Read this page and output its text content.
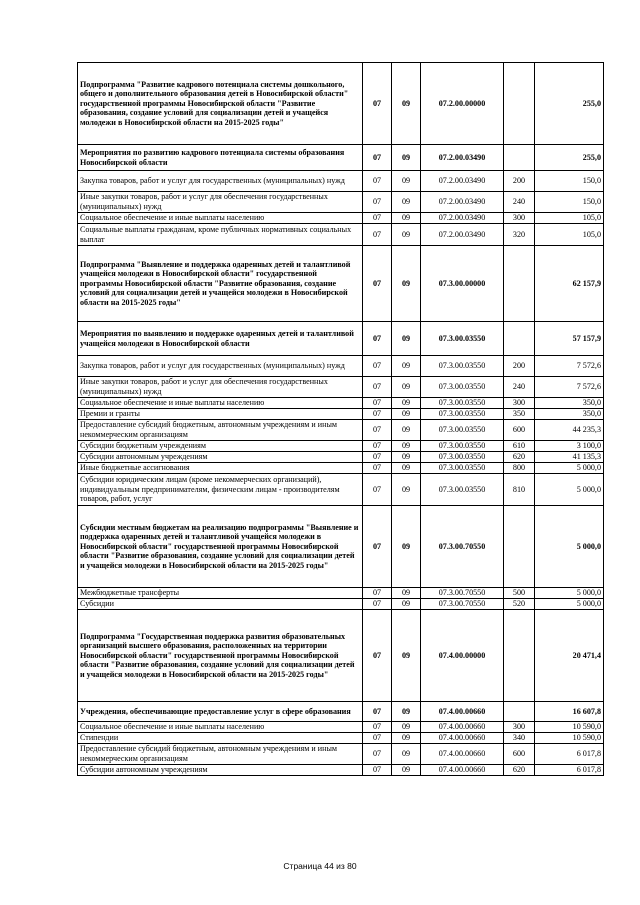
Подпрограмма "Развитие кадрового потенциала системы дошкольного, общего и дополнительного образования детей в Новосибирской области" государственной программы Новосибирской области "Развитие образования, создание условий для социализации детей и учащейся молодежи в Новосибирской области на 2015-2025 годы"	07	09	07.2.00.00000		255,0
Мероприятия по развитию кадрового потенциала системы образования Новосибирской области	07	09	07.2.00.03490		255,0
Закупка товаров, работ и услуг для государственных (муниципальных) нужд	07	09	07.2.00.03490	200	150,0
Иные закупки товаров, работ и услуг для обеспечения государственных (муниципальных) нужд	07	09	07.2.00.03490	240	150,0
Социальное обеспечение и иные выплаты населению	07	09	07.2.00.03490	300	105,0
Социальные выплаты гражданам, кроме публичных нормативных социальных выплат	07	09	07.2.00.03490	320	105,0
Подпрограмма "Выявление и поддержка одаренных детей и талантливой учащейся молодежи в Новосибирской области" государственной программы Новосибирской области "Развитие образования, создание условий для социализации детей и учащейся молодежи в Новосибирской области на 2015-2025 годы"	07	09	07.3.00.00000		62 157,9
Мероприятия по выявлению и поддержке одаренных детей и талантливой учащейся молодежи в Новосибирской области	07	09	07.3.00.03550		57 157,9
Закупка товаров, работ и услуг для государственных (муниципальных) нужд	07	09	07.3.00.03550	200	7 572,6
Иные закупки товаров, работ и услуг для обеспечения государственных (муниципальных) нужд	07	09	07.3.00.03550	240	7 572,6
Социальное обеспечение и иные выплаты населению	07	09	07.3.00.03550	300	350,0
Премии и гранты	07	09	07.3.00.03550	350	350,0
Предоставление субсидий бюджетным, автономным учреждениям и иным некоммерческим организациям	07	09	07.3.00.03550	600	44 235,3
Субсидии бюджетным учреждениям	07	09	07.3.00.03550	610	3 100,0
Субсидии автономным учреждениям	07	09	07.3.00.03550	620	41 135,3
Иные бюджетные ассигнования	07	09	07.3.00.03550	800	5 000,0
Субсидии юридическим лицам (кроме некоммерческих организаций), индивидуальным предпринимателям, физическим лицам - производителям товаров, работ, услуг	07	09	07.3.00.03550	810	5 000,0
Субсидии местным бюджетам на реализацию подпрограммы "Выявление и поддержка одаренных детей и талантливой учащейся молодежи в Новосибирской области" государственной программы Новосибирской области "Развитие образования, создание условий для социализации детей и учащейся молодежи в Новосибирской области на 2015-2025 годы"	07	09	07.3.00.70550		5 000,0
Межбюджетные трансферты	07	09	07.3.00.70550	500	5 000,0
Субсидии	07	09	07.3.00.70550	520	5 000,0
Подпрограмма "Государственная поддержка развития образовательных организаций высшего образования, расположенных на территории Новосибирской области" государственной программы Новосибирской области "Развитие образования, создание условий для социализации детей и учащейся молодежи в Новосибирской области на 2015-2025 годы"	07	09	07.4.00.00000		20 471,4
Учреждения, обеспечивающие предоставление услуг в сфере образования	07	09	07.4.00.00660		16 607,8
Социальное обеспечение и иные выплаты населению	07	09	07.4.00.00660	300	10 590,0
Стипендии	07	09	07.4.00.00660	340	10 590,0
Предоставление субсидий бюджетным, автономным учреждениям и иным некоммерческим организациям	07	09	07.4.00.00660	600	6 017,8
Субсидии автономным учреждениям	07	09	07.4.00.00660	620	6 017,8
Страница 44 из 80
